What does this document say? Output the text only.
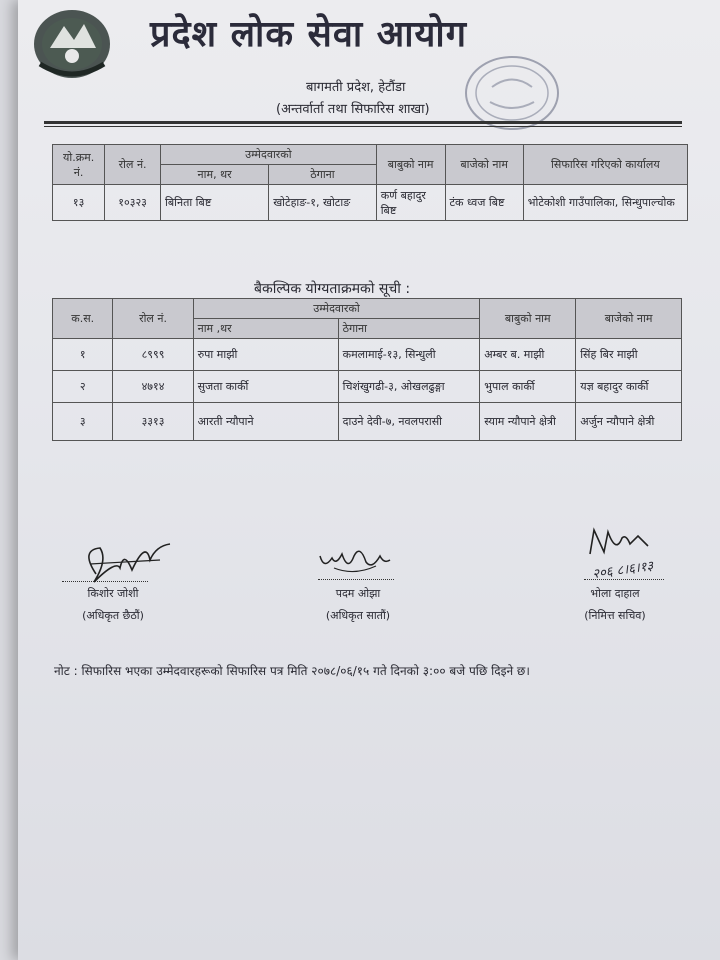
प्रदेश लोक सेवा आयोग
बागमती प्रदेश, हेटौंडा
(अन्तर्वार्ता तथा सिफारिस शाखा)
यो.क्रम. नं.	रोल नं.	उम्मेदवारको		बाबुको नाम	बाजेको नाम	सिफारिस गरिएको कार्यालय
		नाम, थर	ठेगाना			
१३	१०३२३	बिनिता बिष्ट	खोटेहाङ-१, खोटाङ	कर्ण बहादुर बिष्ट	टंक ध्वज बिष्ट	भोटेकोशी गाउँपालिका, सिन्धुपाल्चोक
बैकल्पिक योग्यताक्रमको सूची :
क.स.	रोल नं.	उम्मेदवारको		बाबुको नाम	बाजेको नाम
		नाम ,थर	ठेगाना		
१	८९९९	रुपा माझी	कमलामाई-१३, सिन्धुली	अम्बर ब. माझी	सिंह बिर माझी
२	४७१४	सुजता कार्की	चिशंखुगढी-३, ओखलढुङ्गा	भुपाल कार्की	यज्ञ बहादुर कार्की
३	३३१३	आरती न्यौपाने	दाउने देवी-७, नवलपरासी	स्याम न्यौपाने क्षेत्री	अर्जुन न्यौपाने क्षेत्री
किशोर जोशी
(अधिकृत छैठौं)
पदम ओझा
(अधिकृत सातौं)
२०६ ८।६।१३
भोला दाहाल
(निमित्त सचिव)
नोट : सिफारिस भएका उम्मेदवारहरूको सिफारिस पत्र मिति २०७८/०६/१५ गते दिनको ३:०० बजे पछि दिइने छ।
